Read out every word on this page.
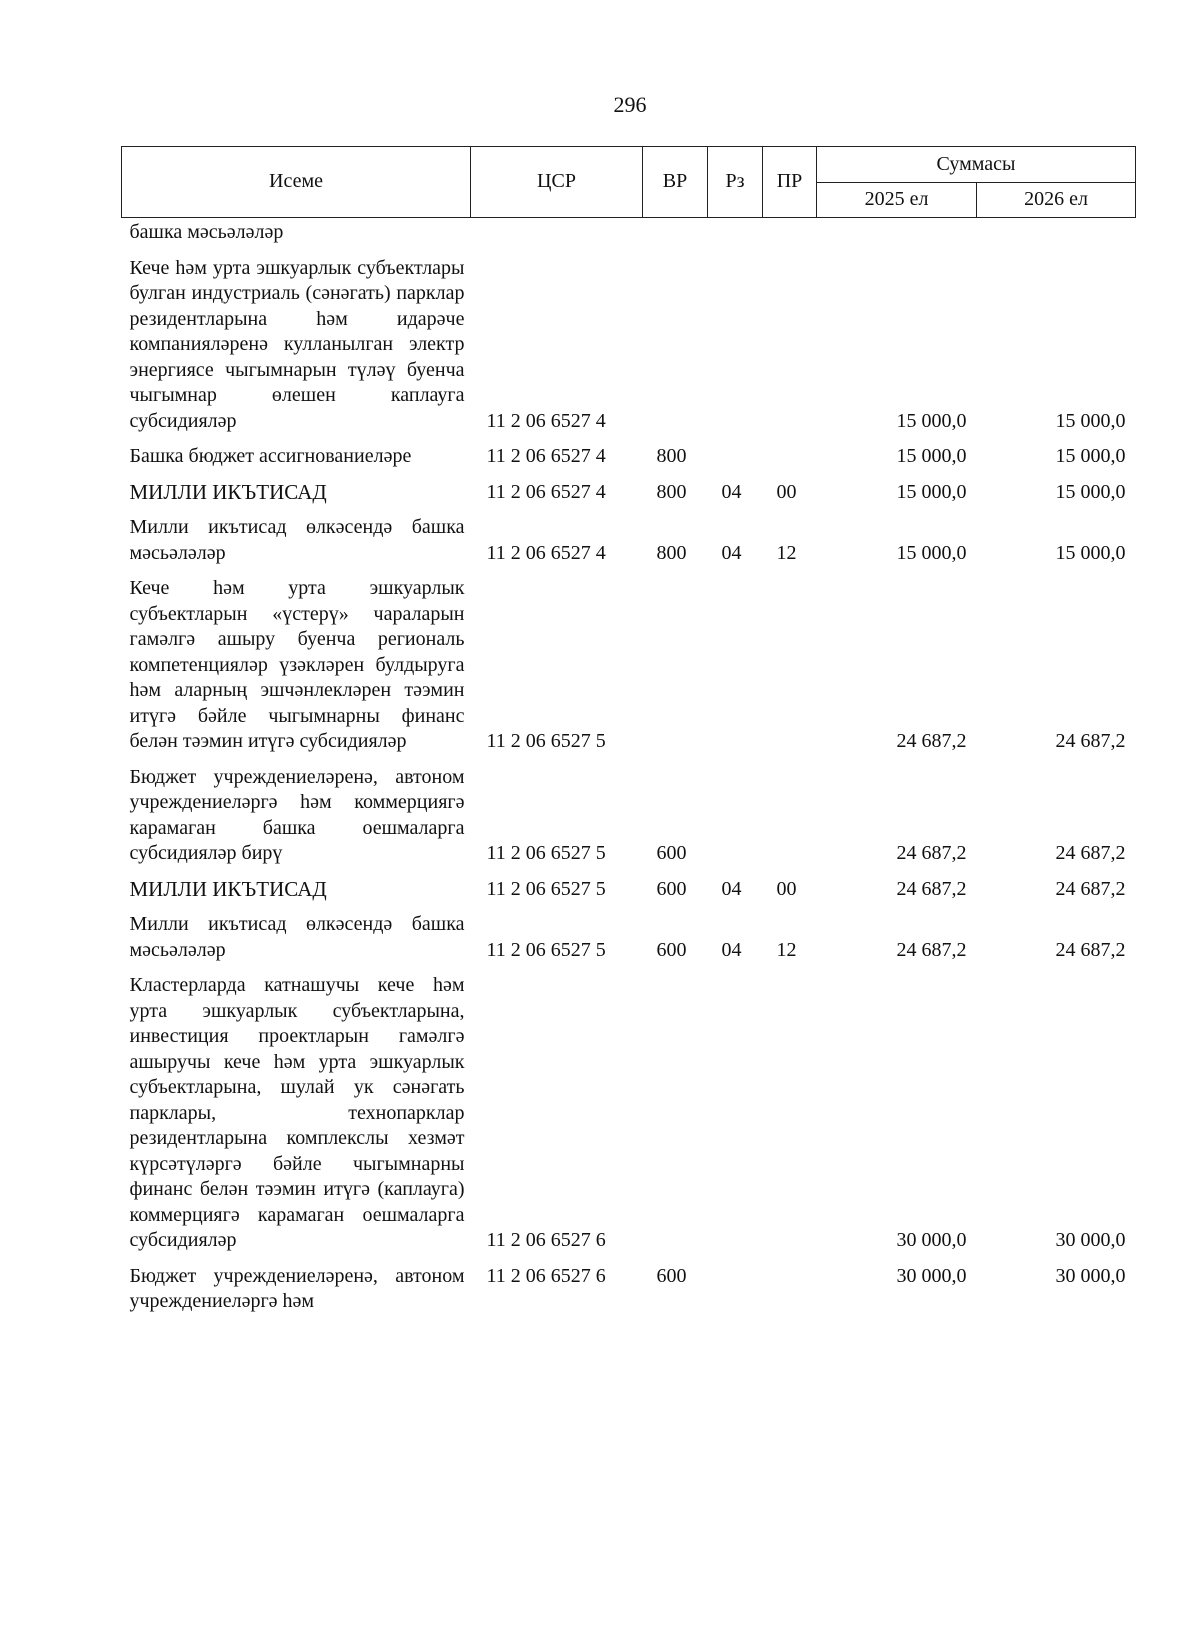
296
Исеме	ЦСР	ВР	Рз	ПР	Суммасы	
					2025 ел	2026 ел
башка мәсьәләләр						
Кече һәм урта эшкуарлык субъектлары булган индустриаль (сәнәгать) парклар резидентларына һәм идарәче компанияләренә кулланылган электр энергиясе чыгымнарын түләү буенча чыгымнар өлешен каплауга субсидияләр	11 2 06 6527 4				15 000,0	15 000,0
Башка бюджет ассигнованиеләре	11 2 06 6527 4	800			15 000,0	15 000,0
МИЛЛИ ИКЪТИСАД	11 2 06 6527 4	800	04	00	15 000,0	15 000,0
Милли икътисад өлкәсендә башка мәсьәләләр	11 2 06 6527 4	800	04	12	15 000,0	15 000,0
Кече һәм урта эшкуарлык субъектларын «үстерү» чараларын гамәлгә ашыру буенча региональ компетенцияләр үзәкләрен булдыруга һәм аларның эшчәнлекләрен тәэмин итүгә бәйле чыгымнарны финанс белән тәэмин итүгә субсидияләр	11 2 06 6527 5				24 687,2	24 687,2
Бюджет учреждениеләренә, автоном учреждениеләргә һәм коммерциягә карамаган башка оешмаларга субсидияләр бирү	11 2 06 6527 5	600			24 687,2	24 687,2
МИЛЛИ ИКЪТИСАД	11 2 06 6527 5	600	04	00	24 687,2	24 687,2
Милли икътисад өлкәсендә башка мәсьәләләр	11 2 06 6527 5	600	04	12	24 687,2	24 687,2
Кластерларда катнашучы кече һәм урта эшкуарлык субъектларына, инвестиция проектларын гамәлгә ашыручы кече һәм урта эшкуарлык субъектларына, шулай ук сәнәгать парклары, технопарклар резидентларына комплекслы хезмәт күрсәтүләргә бәйле чыгымнарны финанс белән тәэмин итүгә (каплауга) коммерциягә карамаган оешмаларга субсидияләр	11 2 06 6527 6				30 000,0	30 000,0
Бюджет учреждениеләренә, автоном учреждениеләргә һәм	11 2 06 6527 6	600			30 000,0	30 000,0
